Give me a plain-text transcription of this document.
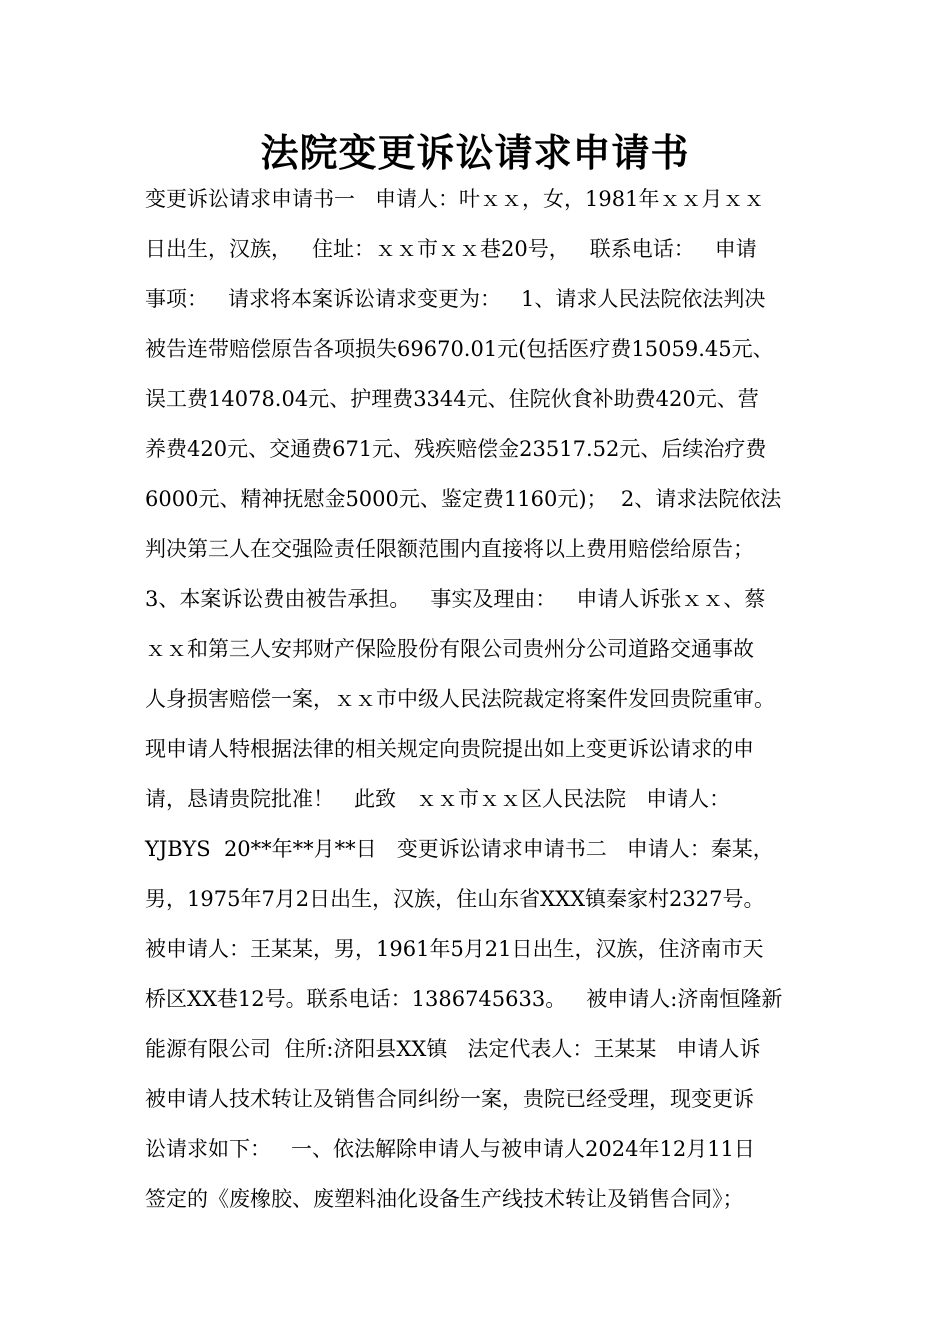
法院变更诉讼请求申请书

变更诉讼请求申请书一   申请人：叶ｘｘ，女，1981年ｘｘ月ｘｘ

日出生，汉族，   住址：ｘｘ市ｘｘ巷20号，   联系电话：   申请

事项：   请求将本案诉讼请求变更为：   1、请求人民法院依法判决

被告连带赔偿原告各项损失69670.01元(包括医疗费15059.45元、

误工费14078.04元、护理费3344元、住院伙食补助费420元、营

养费420元、交通费671元、残疾赔偿金23517.52元、后续治疗费

6000元、精神抚慰金5000元、鉴定费1160元)；  2、请求法院依法

判决第三人在交强险责任限额范围内直接将以上费用赔偿给原告；

3、本案诉讼费由被告承担。   事实及理由：   申请人诉张ｘｘ、蔡

ｘｘ和第三人安邦财产保险股份有限公司贵州分公司道路交通事故

人身损害赔偿一案，ｘｘ市中级人民法院裁定将案件发回贵院重审。

现申请人特根据法律的相关规定向贵院提出如上变更诉讼请求的申

请，恳请贵院批准！   此致   ｘｘ市ｘｘ区人民法院   申请人：

YJBYS  20**年**月**日   变更诉讼请求申请书二   申请人：秦某，

男，1975年7月2日出生，汉族，住山东省XXX镇秦家村2327号。

被申请人：王某某，男，1961年5月21日出生，汉族，住济南市天

桥区XX巷12号。联系电话：1386745633。   被申请人:济南恒隆新

能源有限公司  住所:济阳县XX镇   法定代表人：王某某   申请人诉

被申请人技术转让及销售合同纠纷一案，贵院已经受理，现变更诉

讼请求如下：   一、依法解除申请人与被申请人2024年12月11日

签定的《废橡胶、废塑料油化设备生产线技术转让及销售合同》；
